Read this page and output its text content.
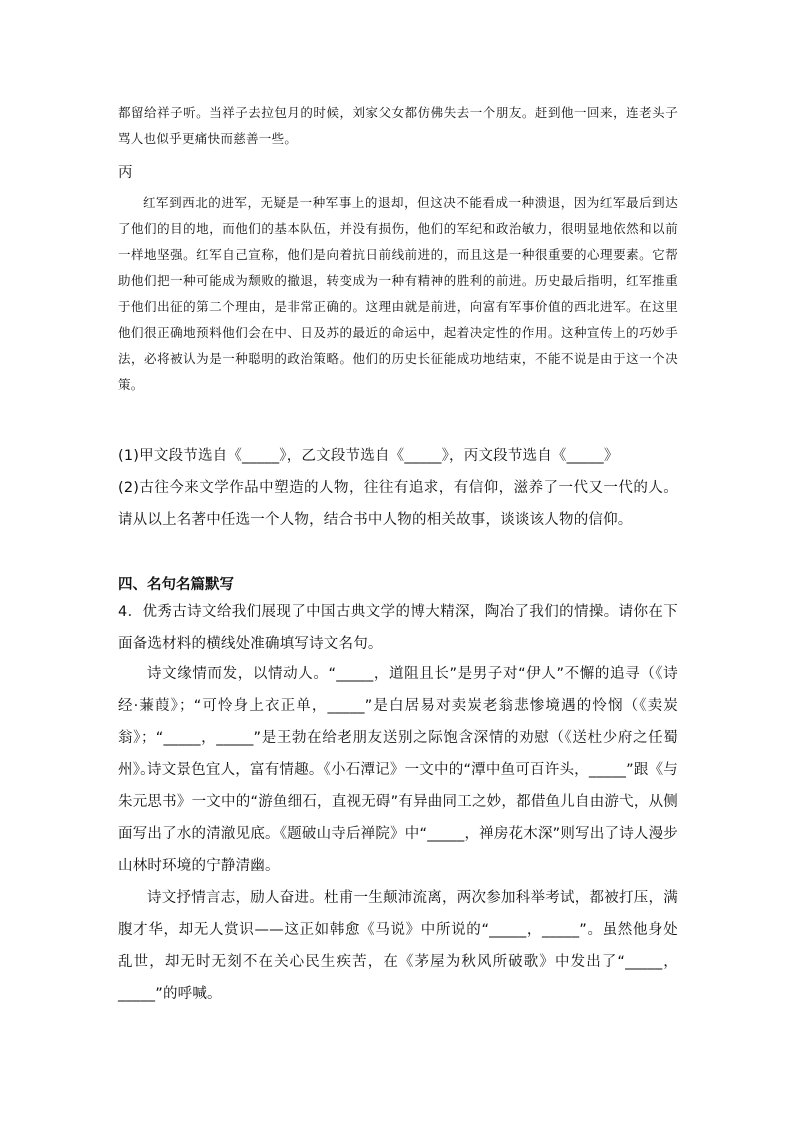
都留给祥子听。当祥子去拉包月的时候，刘家父女都仿佛失去一个朋友。赶到他一回来，连老头子骂人也似乎更痛快而慈善一些。

丙

红军到西北的进军，无疑是一种军事上的退却，但这决不能看成一种溃退，因为红军最后到达了他们的目的地，而他们的基本队伍，并没有损伤，他们的军纪和政治敏力，很明显地依然和以前一样地坚强。红军自己宣称，他们是向着抗日前线前进的，而且这是一种很重要的心理要素。它帮助他们把一种可能成为颓败的撤退，转变成为一种有精神的胜利的前进。历史最后指明，红军推重于他们出征的第二个理由，是非常正确的。这理由就是前进，向富有军事价值的西北进军。在这里他们很正确地预料他们会在中、日及苏的最近的命运中，起着决定性的作用。这种宣传上的巧妙手法，必将被认为是一种聪明的政治策略。他们的历史长征能成功地结束，不能不说是由于这一个决策。

(1)甲文段节选自《_____》，乙文段节选自《_____》，丙文段节选自《_____》

(2)古往今来文学作品中塑造的人物，往往有追求，有信仰，滋养了一代又一代的人。请从以上名著中任选一个人物，结合书中人物的相关故事，谈谈该人物的信仰。

四、名句名篇默写

4．优秀古诗文给我们展现了中国古典文学的博大精深，陶冶了我们的情操。请你在下面备选材料的横线处准确填写诗文名句。

诗文缘情而发，以情动人。“_____，道阻且长”是男子对“伊人”不懈的追寻（《诗经·蒹葭》；“可怜身上衣正单，_____”是白居易对卖炭老翁悲惨境遇的怜悯（《卖炭翁》；“_____，_____”是王勃在给老朋友送别之际饱含深情的劝慰（《送杜少府之任蜀州》。

诗文景色宜人，富有情趣。《小石潭记》一文中的“潭中鱼可百许头，_____”跟《与朱元思书》一文中的“游鱼细石，直视无碍”有异曲同工之妙，都借鱼儿自由游弋，从侧面写出了水的清澈见底。《题破山寺后禅院》中“_____，禅房花木深”则写出了诗人漫步山林时环境的宁静清幽。

诗文抒情言志，励人奋进。杜甫一生颠沛流离，两次参加科举考试，都被打压，满腹才华，却无人赏识——这正如韩愈《马说》中所说的“_____，_____”。虽然他身处乱世，却无时无刻不在关心民生疾苦，在《茅屋为秋风所破歌》中发出了“_____，_____”的呼喊。
